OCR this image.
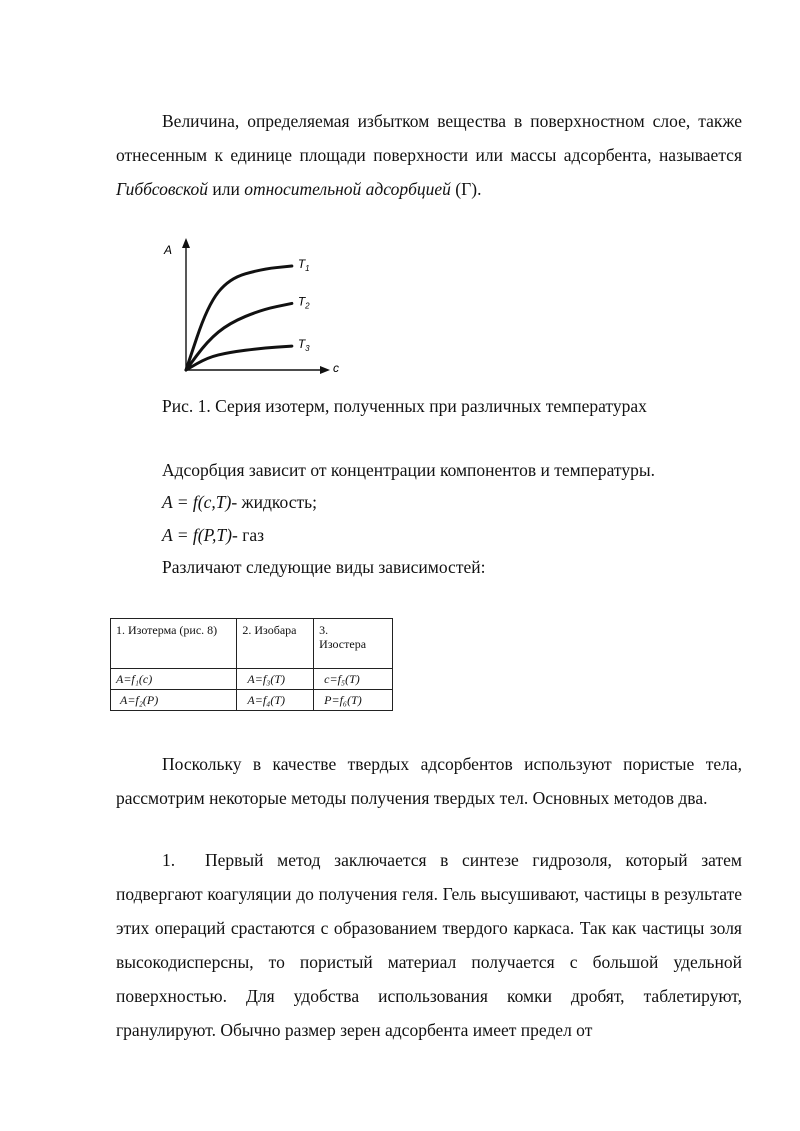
Величина, определяемая избытком вещества в поверхностном слое, также отнесенным к единице площади поверхности или массы адсорбента, называется Гиббсовской или относительной адсорбцией (Г).

A
c
$T_1$
$T_2$
$T_3$
Рис. 1. Серия изотерм, полученных при различных температурах
Адсорбция зависит от концентрации компонентов и температуры.
A = f(c,T)- жидкость;
A = f(P,T)- газ
Различают следующие виды зависимостей:
1. Изотерма (рис. 8)	2. Изобара	3.
Изостера

A=f₁(c)	A=f₃(T)	c=f₅(T)
A=f₂(P)	A=f₄(T)	P=f₆(T)

Поскольку в качестве твердых адсорбентов используют пористые тела, рассмотрим некоторые методы получения твердых тел. Основных методов два.

1. Первый метод заключается в синтезе гидрозоля, который затем подвергают коагуляции до получения геля. Гель высушивают, частицы в результате этих операций срастаются с образованием твердого каркаса. Так как частицы золя высокодисперсны, то пористый материал получается с большой удельной поверхностью. Для удобства использования комки дробят, таблетируют, гранулируют. Обычно размер зерен адсорбента имеет предел от
